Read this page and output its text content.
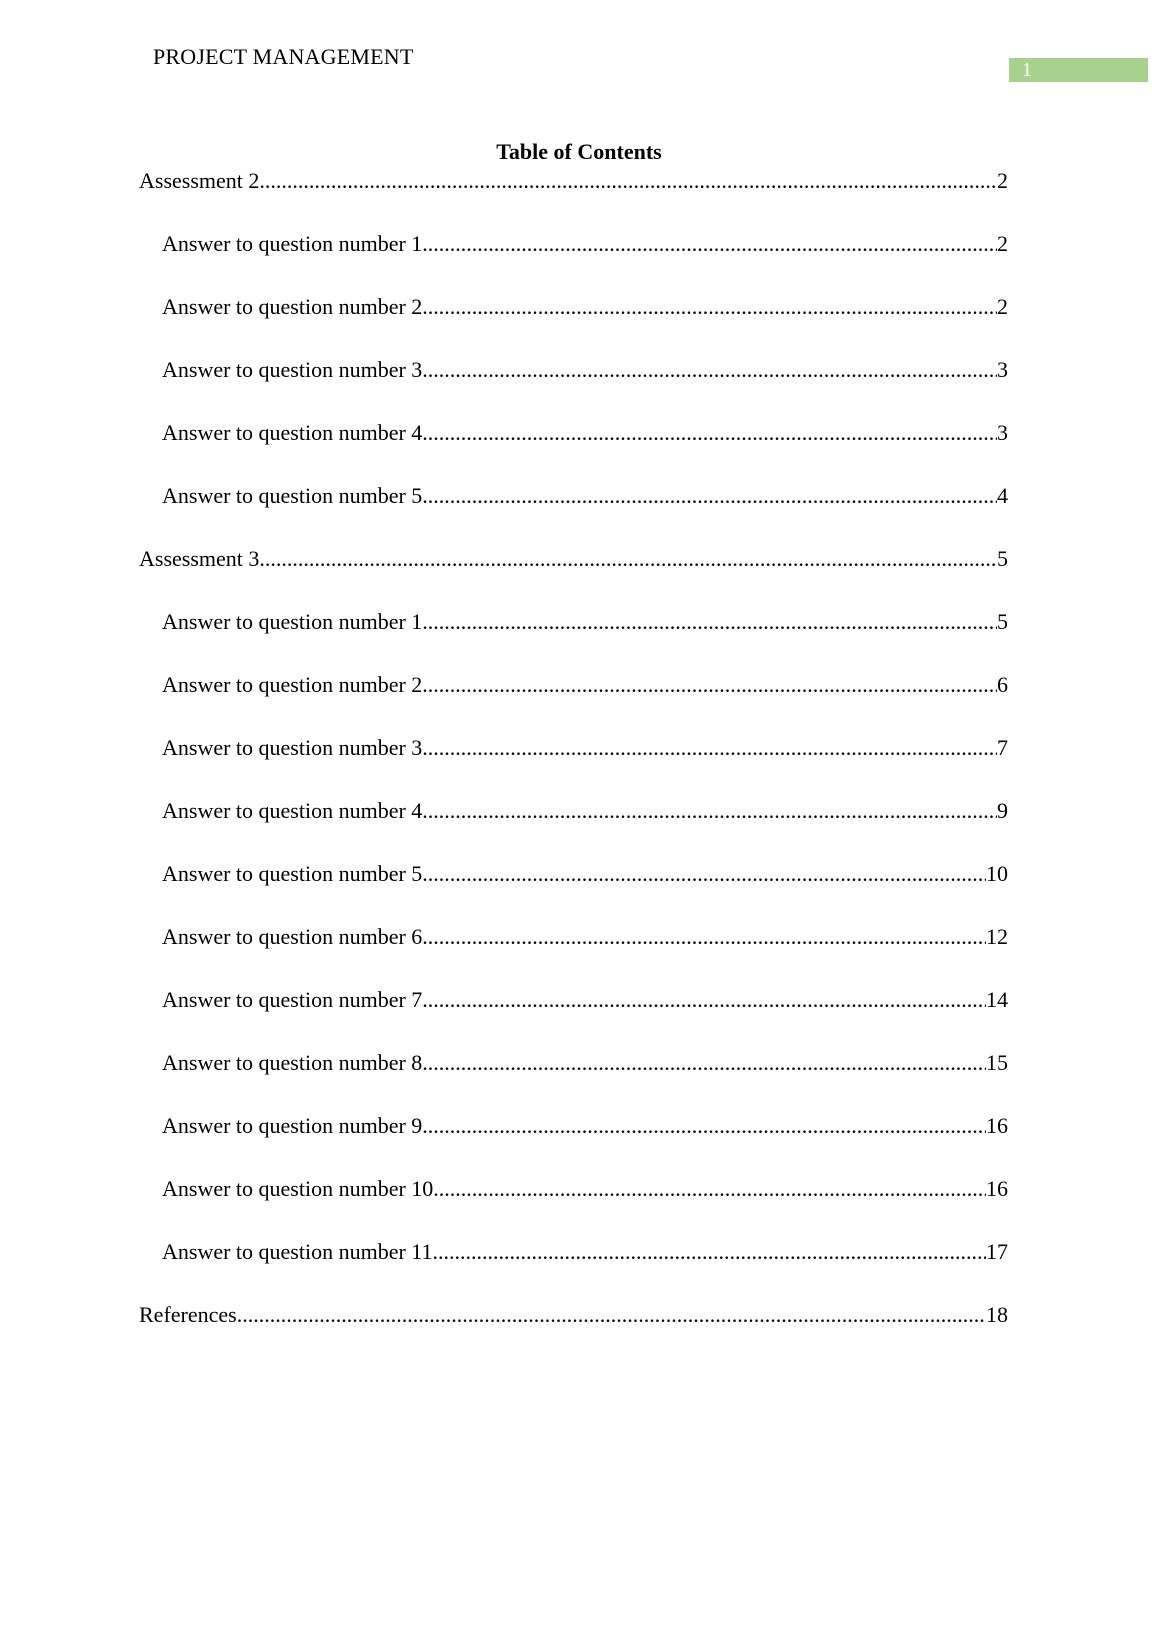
PROJECT MANAGEMENT
1
Table of Contents
Assessment 2 .....	2
Answer to question number 1 .....	2
Answer to question number 2 .....	2
Answer to question number 3 .....	3
Answer to question number 4 .....	3
Answer to question number 5 .....	4
Assessment 3 .....	5
Answer to question number 1 .....	5
Answer to question number 2 .....	6
Answer to question number 3 .....	7
Answer to question number 4 .....	9
Answer to question number 5 .....	10
Answer to question number 6 .....	12
Answer to question number 7 .....	14
Answer to question number 8 .....	15
Answer to question number 9 .....	16
Answer to question number 10 .....	16
Answer to question number 11 .....	17
References .....	18
